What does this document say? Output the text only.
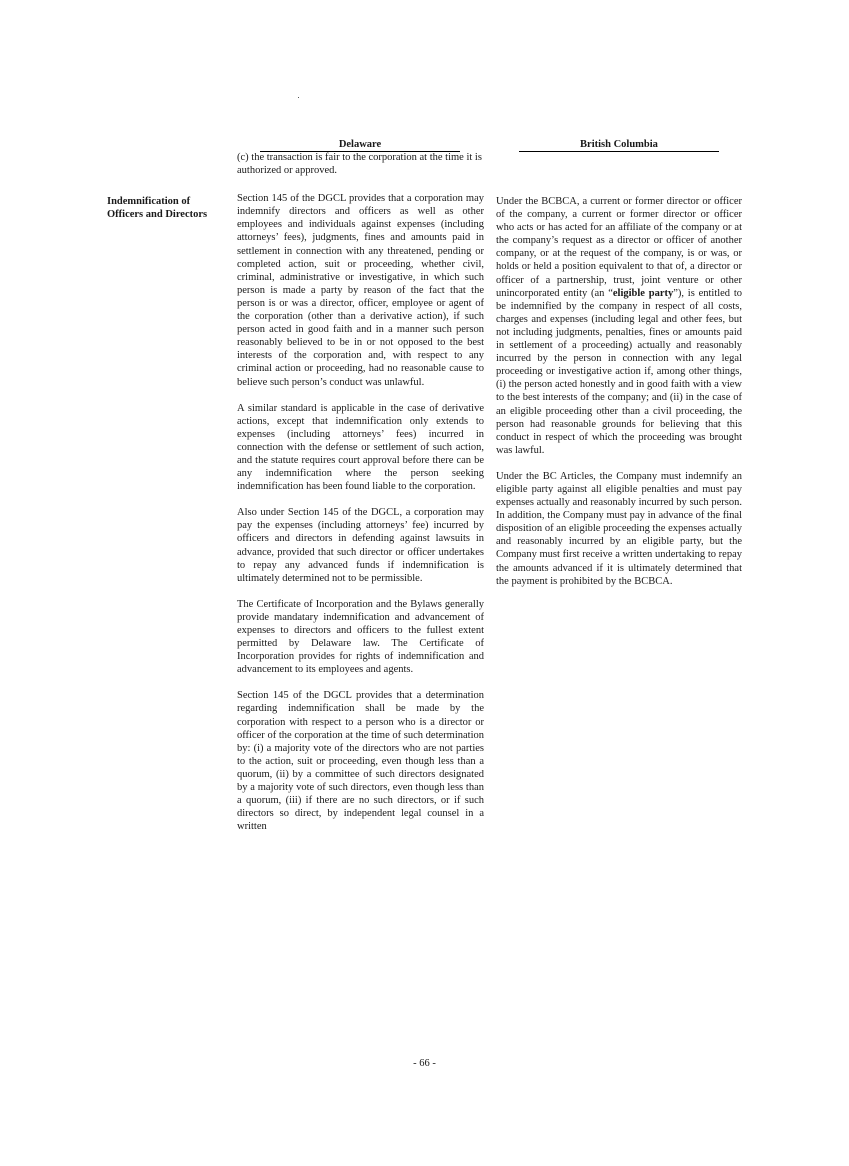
Delaware	British Columbia
Indemnification of Officers and Directors

(c) the transaction is fair to the corporation at the time it is authorized or approved.

Section 145 of the DGCL provides that a corporation may indemnify directors and officers as well as other employees and individuals against expenses (including attorneys’ fees), judgments, fines and amounts paid in settlement in connection with any threatened, pending or completed action, suit or proceeding, whether civil, criminal, administrative or investigative, in which such person is made a party by reason of the fact that the person is or was a director, officer, employee or agent of the corporation (other than a derivative action), if such person acted in good faith and in a manner such person reasonably believed to be in or not opposed to the best interests of the corporation and, with respect to any criminal action or proceeding, had no reasonable cause to believe such person’s conduct was unlawful.

A similar standard is applicable in the case of derivative actions, except that indemnification only extends to expenses (including attorneys’ fees) incurred in connection with the defense or settlement of such action, and the statute requires court approval before there can be any indemnification where the person seeking indemnification has been found liable to the corporation.

Also under Section 145 of the DGCL, a corporation may pay the expenses (including attorneys’ fee) incurred by officers and directors in defending against lawsuits in advance, provided that such director or officer undertakes to repay any advanced funds if indemnification is ultimately determined not to be permissible.

The Certificate of Incorporation and the Bylaws generally provide mandatary indemnification and advancement of expenses to directors and officers to the fullest extent permitted by Delaware law. The Certificate of Incorporation provides for rights of indemnification and advancement to its employees and agents.

Section 145 of the DGCL provides that a determination regarding indemnification shall be made by the corporation with respect to a person who is a director or officer of the corporation at the time of such determination by: (i) a majority vote of the directors who are not parties to the action, suit or proceeding, even though less than a quorum, (ii) by a committee of such directors designated by a majority vote of such directors, even though less than a quorum, (iii) if there are no such directors, or if such directors so direct, by independent legal counsel in a written

Under the BCBCA, a current or former director or officer of the company, a current or former director or officer who acts or has acted for an affiliate of the company or at the company’s request as a director or officer of another company, or at the request of the company, is or was, or holds or held a position equivalent to that of, a director or officer of a partnership, trust, joint venture or other unincorporated entity (an “eligible party”), is entitled to be indemnified by the company in respect of all costs, charges and expenses (including legal and other fees, but not including judgments, penalties, fines or amounts paid in settlement of a proceeding) actually and reasonably incurred by the person in connection with any legal proceeding or investigative action if, among other things, (i) the person acted honestly and in good faith with a view to the best interests of the company; and (ii) in the case of an eligible proceeding other than a civil proceeding, the person had reasonable grounds for believing that this conduct in respect of which the proceeding was brought was lawful.

Under the BC Articles, the Company must indemnify an eligible party against all eligible penalties and must pay expenses actually and reasonably incurred by such person. In addition, the Company must pay in advance of the final disposition of an eligible proceeding the expenses actually and reasonably incurred by an eligible party, but the Company must first receive a written undertaking to repay the amounts advanced if it is ultimately determined that the payment is prohibited by the BCBCA.

- 66 -
